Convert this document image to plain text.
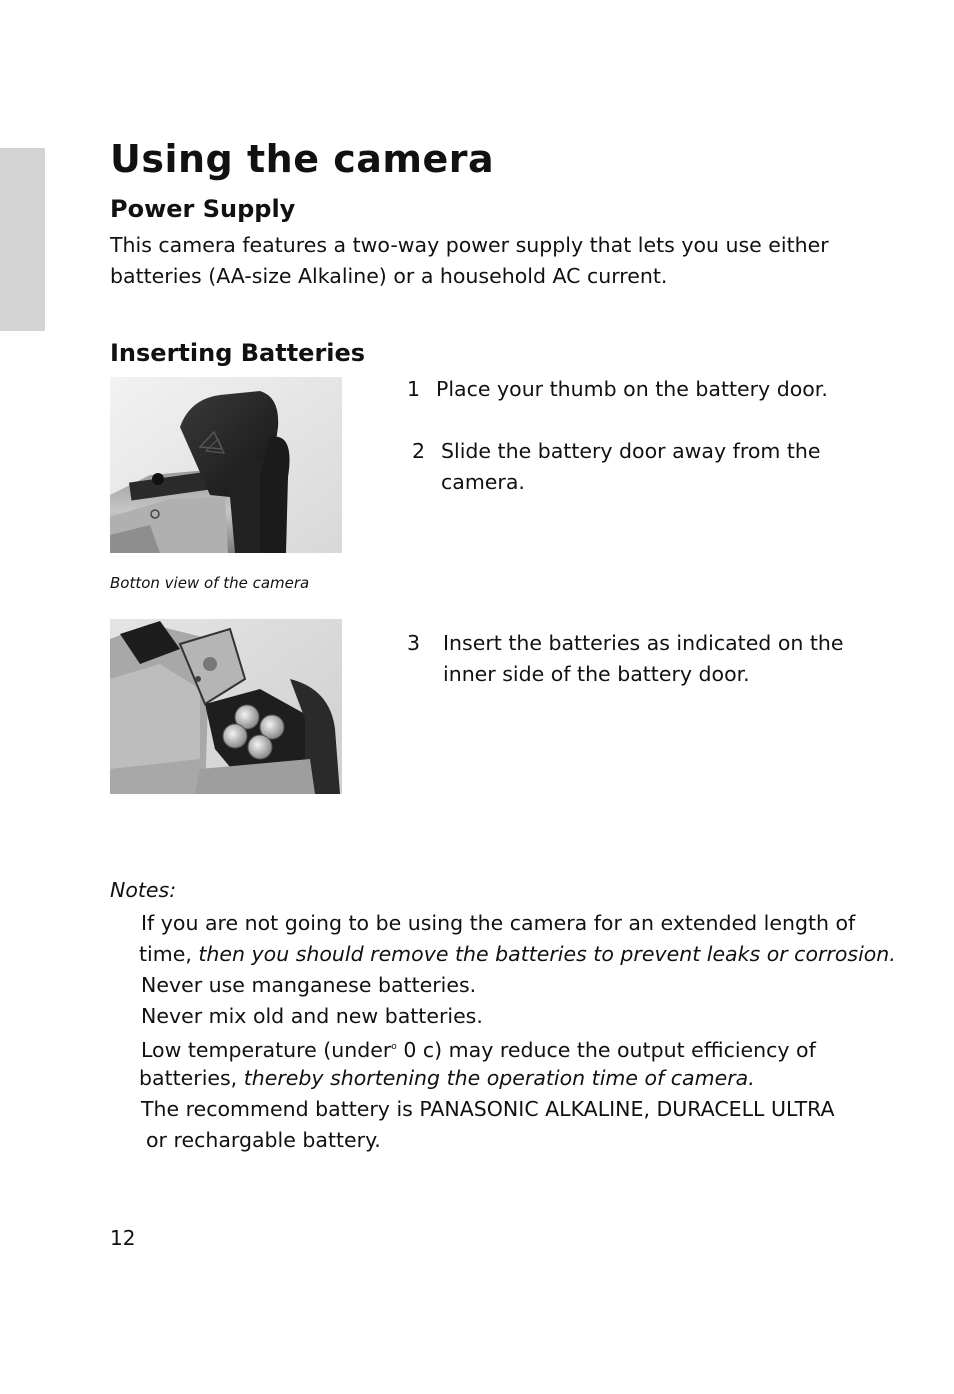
Using the camera
Power Supply
This camera features a two-way power supply that lets you use either
batteries (AA-size Alkaline) or a household AC current.
Inserting Batteries
Botton view of the camera
1 Place your thumb on the battery door.
2 Slide the battery door away from the
camera.
3 Insert the batteries as indicated on the
inner side of the battery door.
Notes:
If you are not going to be using the camera for an extended length of
time, then you should remove the batteries to prevent leaks or corrosion.
Never use manganese batteries.
Never mix old and new batteries.
Low temperature (under$^o$ 0 c) may reduce the output efficiency of
batteries, thereby shortening the operation time of camera.
The recommend battery is PANASONIC ALKALINE, DURACELL ULTRA
or rechargable battery.
12
